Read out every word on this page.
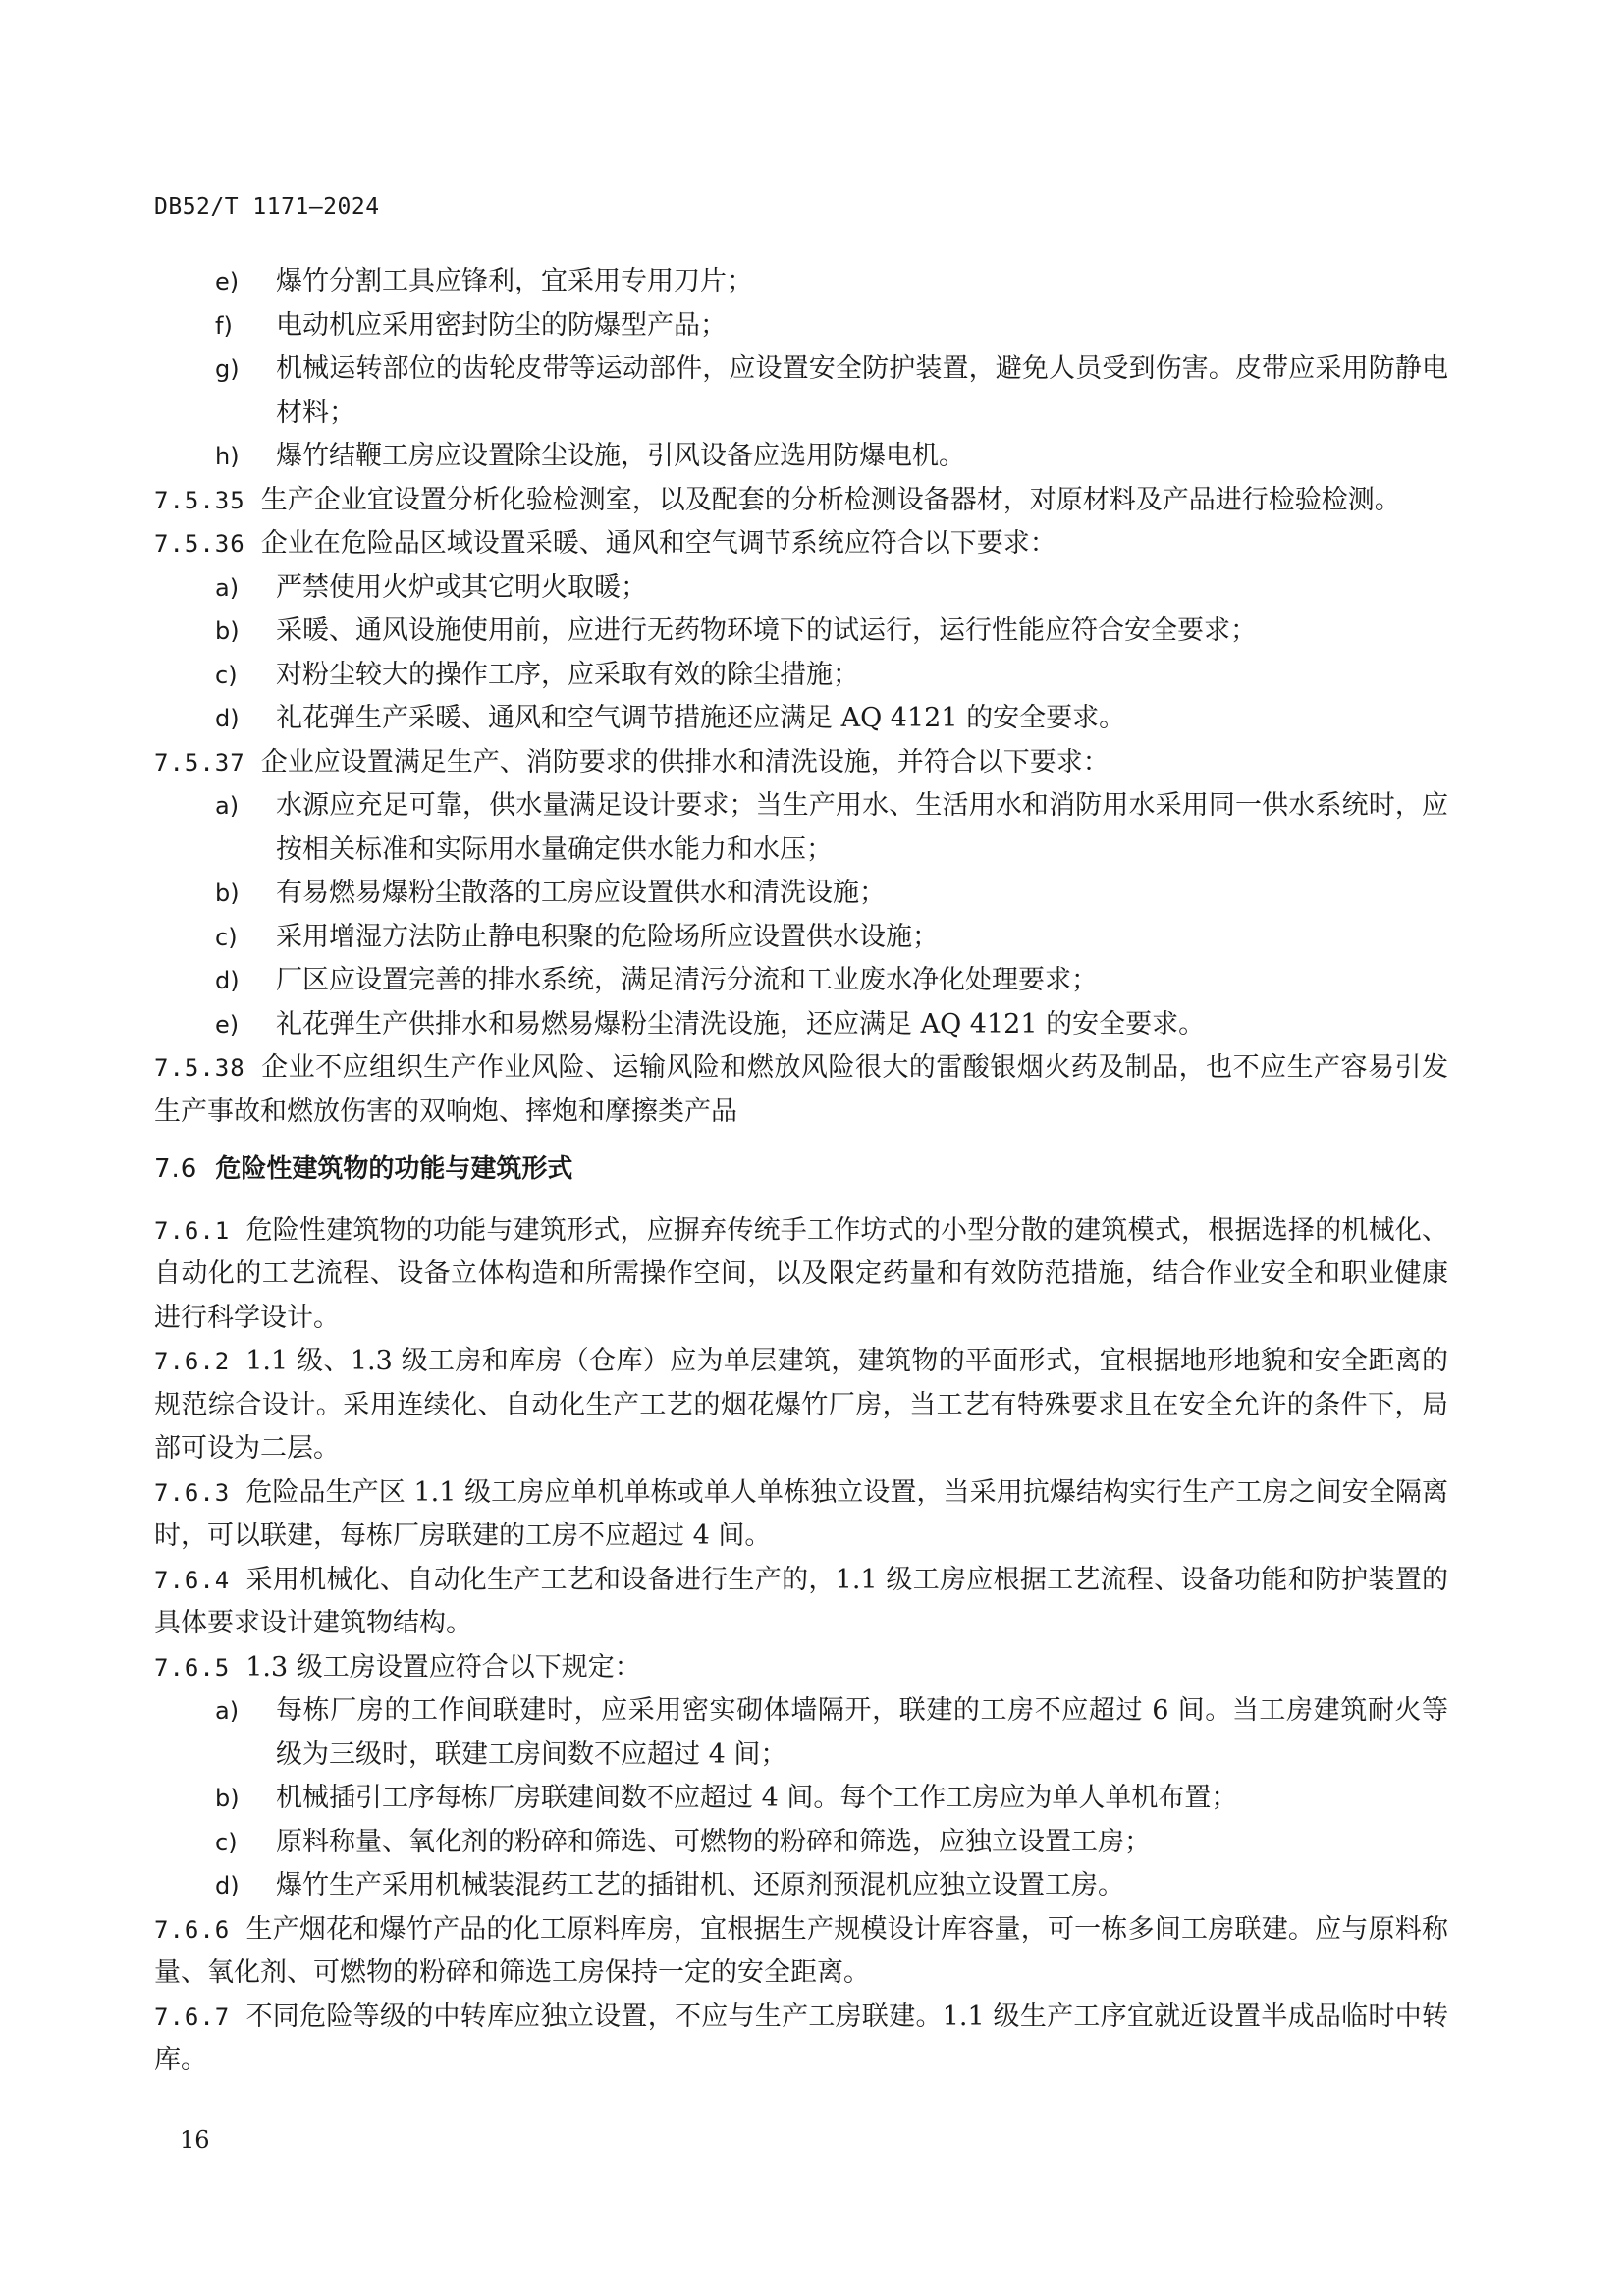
DB52/T 1171—2024
e)	爆竹分割工具应锋利，宜采用专用刀片；
f)	电动机应采用密封防尘的防爆型产品；
g)	机械运转部位的齿轮皮带等运动部件，应设置安全防护装置，避免人员受到伤害。皮带应采用防静电材料；
h)	爆竹结鞭工房应设置除尘设施，引风设备应选用防爆电机。

7.5.35 生产企业宜设置分析化验检测室，以及配套的分析检测设备器材，对原材料及产品进行检验检测。

7.5.36 企业在危险品区域设置采暖、通风和空气调节系统应符合以下要求：

a)	严禁使用火炉或其它明火取暖；
b)	采暖、通风设施使用前，应进行无药物环境下的试运行，运行性能应符合安全要求；
c)	对粉尘较大的操作工序，应采取有效的除尘措施；
d)	礼花弹生产采暖、通风和空气调节措施还应满足 AQ 4121 的安全要求。

7.5.37 企业应设置满足生产、消防要求的供排水和清洗设施，并符合以下要求：

a)	水源应充足可靠，供水量满足设计要求；当生产用水、生活用水和消防用水采用同一供水系统时，应按相关标准和实际用水量确定供水能力和水压；
b)	有易燃易爆粉尘散落的工房应设置供水和清洗设施；
c)	采用增湿方法防止静电积聚的危险场所应设置供水设施；
d)	厂区应设置完善的排水系统，满足清污分流和工业废水净化处理要求；
e)	礼花弹生产供排水和易燃易爆粉尘清洗设施，还应满足 AQ 4121 的安全要求。

7.5.38 企业不应组织生产作业风险、运输风险和燃放风险很大的雷酸银烟火药及制品，也不应生产容易引发生产事故和燃放伤害的双响炮、摔炮和摩擦类产品

7.6 危险性建筑物的功能与建筑形式

7.6.1 危险性建筑物的功能与建筑形式，应摒弃传统手工作坊式的小型分散的建筑模式，根据选择的机械化、自动化的工艺流程、设备立体构造和所需操作空间，以及限定药量和有效防范措施，结合作业安全和职业健康进行科学设计。

7.6.2 1.1 级、1.3 级工房和库房（仓库）应为单层建筑，建筑物的平面形式，宜根据地形地貌和安全距离的规范综合设计。采用连续化、自动化生产工艺的烟花爆竹厂房，当工艺有特殊要求且在安全允许的条件下，局部可设为二层。

7.6.3 危险品生产区 1.1 级工房应单机单栋或单人单栋独立设置，当采用抗爆结构实行生产工房之间安全隔离时，可以联建，每栋厂房联建的工房不应超过 4 间。

7.6.4 采用机械化、自动化生产工艺和设备进行生产的，1.1 级工房应根据工艺流程、设备功能和防护装置的具体要求设计建筑物结构。

7.6.5 1.3 级工房设置应符合以下规定：

a)	每栋厂房的工作间联建时，应采用密实砌体墙隔开，联建的工房不应超过 6 间。当工房建筑耐火等级为三级时，联建工房间数不应超过 4 间；
b)	机械插引工序每栋厂房联建间数不应超过 4 间。每个工作工房应为单人单机布置；
c)	原料称量、氧化剂的粉碎和筛选、可燃物的粉碎和筛选，应独立设置工房；
d)	爆竹生产采用机械装混药工艺的插钳机、还原剂预混机应独立设置工房。

7.6.6 生产烟花和爆竹产品的化工原料库房，宜根据生产规模设计库容量，可一栋多间工房联建。应与原料称量、氧化剂、可燃物的粉碎和筛选工房保持一定的安全距离。

7.6.7 不同危险等级的中转库应独立设置，不应与生产工房联建。1.1 级生产工序宜就近设置半成品临时中转库。

16
